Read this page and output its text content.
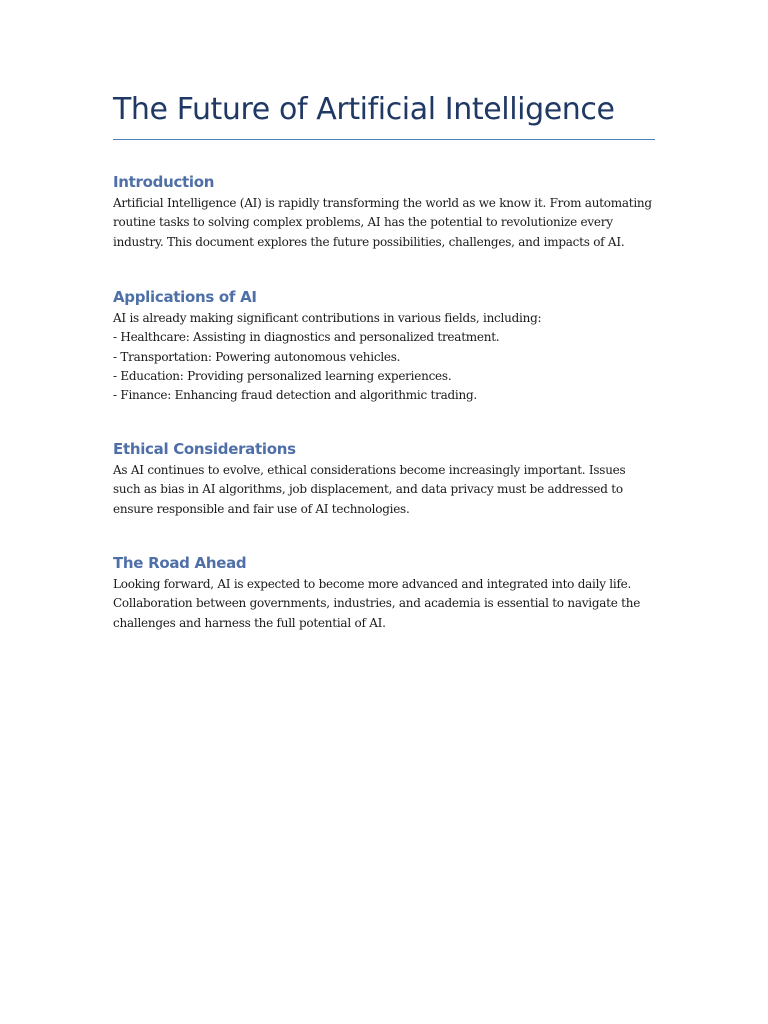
The Future of Artificial Intelligence
Introduction

Artificial Intelligence (AI) is rapidly transforming the world as we know it. From automating
routine tasks to solving complex problems, AI has the potential to revolutionize every
industry. This document explores the future possibilities, challenges, and impacts of AI.

Applications of AI

AI is already making significant contributions in various fields, including:
- Healthcare: Assisting in diagnostics and personalized treatment.
- Transportation: Powering autonomous vehicles.
- Education: Providing personalized learning experiences.
- Finance: Enhancing fraud detection and algorithmic trading.

Ethical Considerations

As AI continues to evolve, ethical considerations become increasingly important. Issues
such as bias in AI algorithms, job displacement, and data privacy must be addressed to
ensure responsible and fair use of AI technologies.

The Road Ahead

Looking forward, AI is expected to become more advanced and integrated into daily life.
Collaboration between governments, industries, and academia is essential to navigate the
challenges and harness the full potential of AI.
